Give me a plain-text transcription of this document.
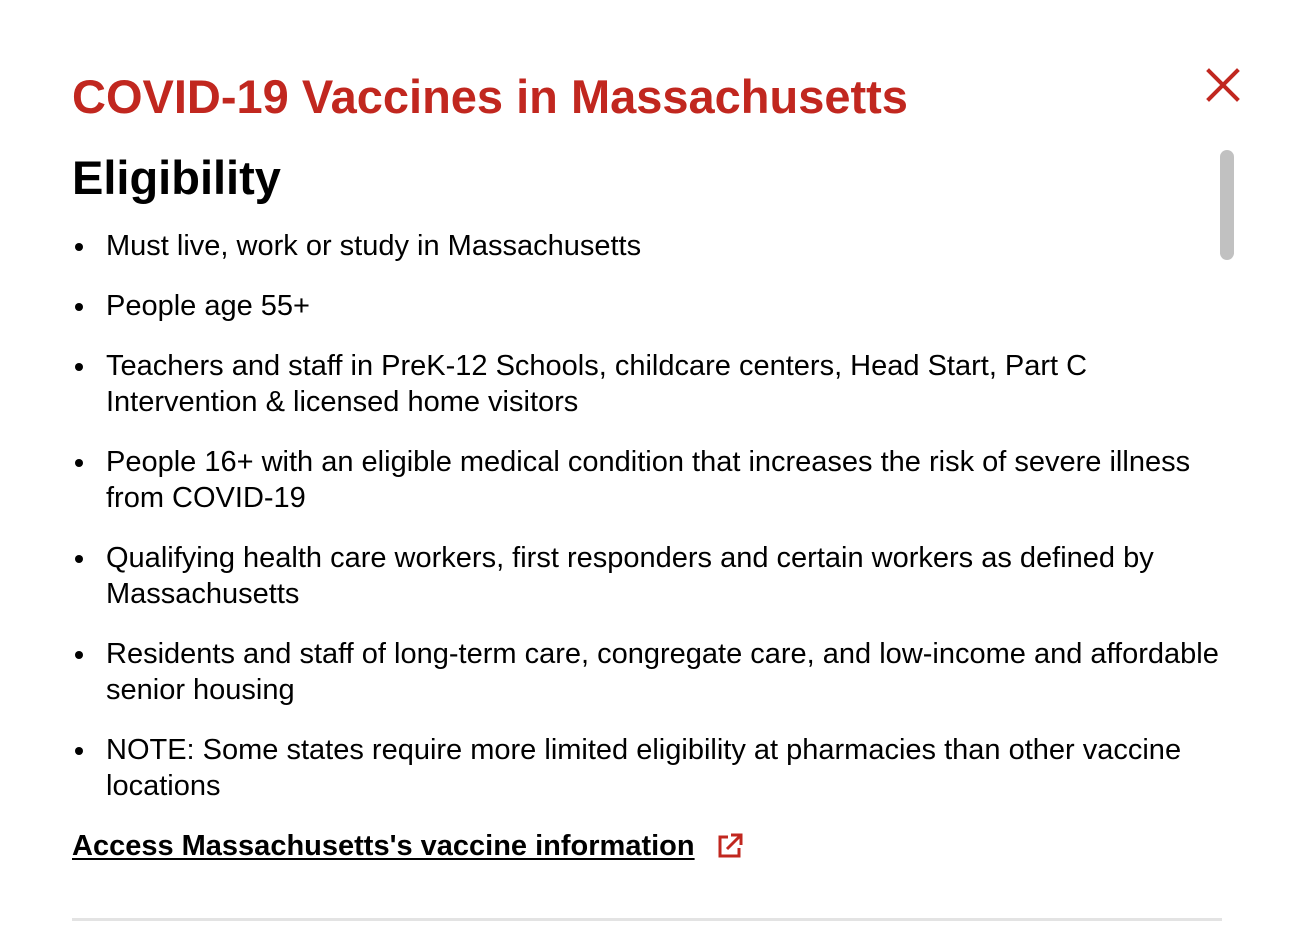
COVID-19 Vaccines in Massachusetts
Eligibility
Must live, work or study in Massachusetts
People age 55+
Teachers and staff in PreK-12 Schools, childcare centers, Head Start, Part C Intervention & licensed home visitors
People 16+ with an eligible medical condition that increases the risk of severe illness from COVID-19
Qualifying health care workers, first responders and certain workers as defined by Massachusetts
Residents and staff of long-term care, congregate care, and low-income and affordable senior housing
NOTE: Some states require more limited eligibility at pharmacies than other vaccine locations
Access Massachusetts's vaccine information
